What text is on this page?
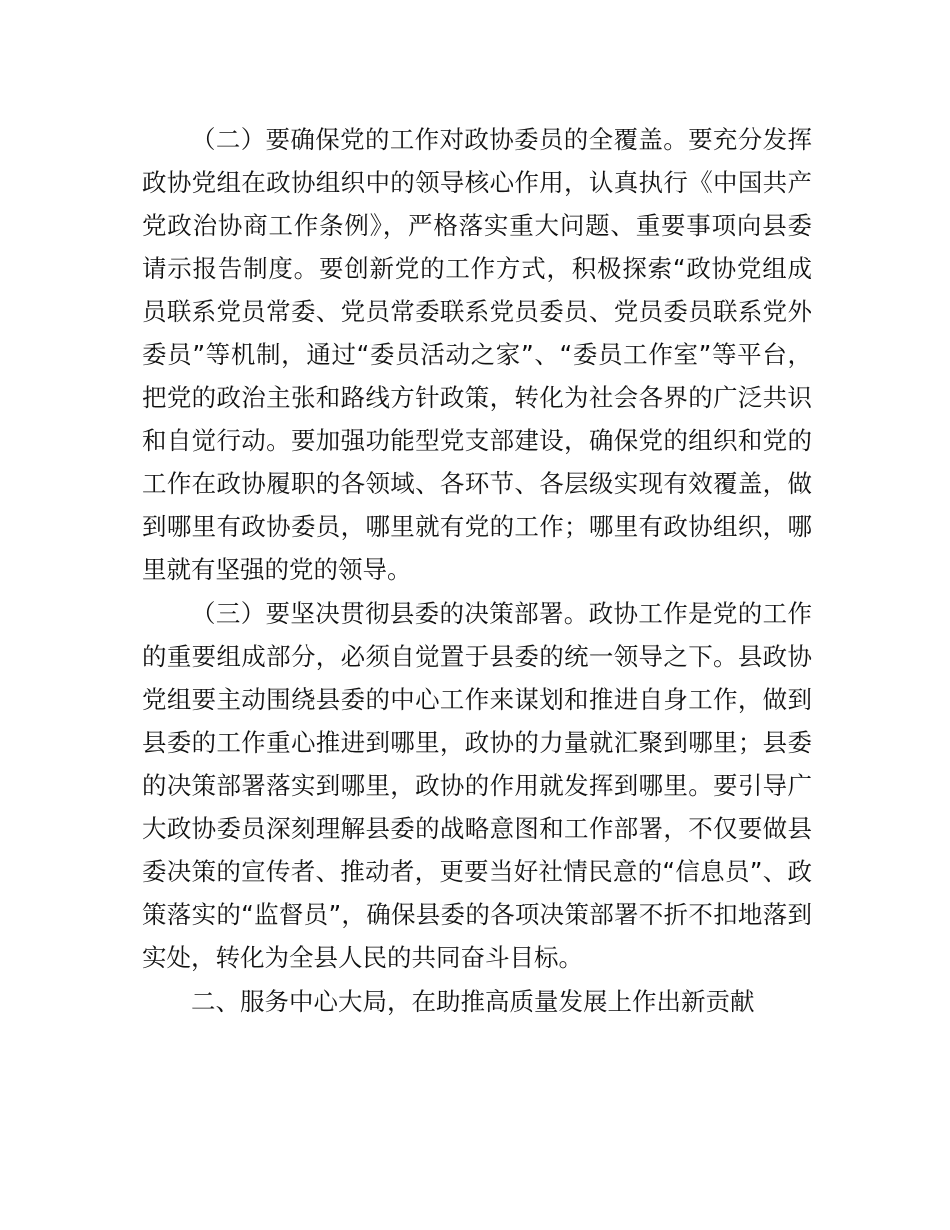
（二）要确保党的工作对政协委员的全覆盖。要充分发挥政协党组在政协组织中的领导核心作用，认真执行《中国共产党政治协商工作条例》，严格落实重大问题、重要事项向县委请示报告制度。要创新党的工作方式，积极探索“政协党组成员联系党员常委、党员常委联系党员委员、党员委员联系党外委员”等机制，通过“委员活动之家”、“委员工作室”等平台，把党的政治主张和路线方针政策，转化为社会各界的广泛共识和自觉行动。要加强功能型党支部建设，确保党的组织和党的工作在政协履职的各领域、各环节、各层级实现有效覆盖，做到哪里有政协委员，哪里就有党的工作；哪里有政协组织，哪里就有坚强的党的领导。

（三）要坚决贯彻县委的决策部署。政协工作是党的工作的重要组成部分，必须自觉置于县委的统一领导之下。县政协党组要主动围绕县委的中心工作来谋划和推进自身工作，做到县委的工作重心推进到哪里，政协的力量就汇聚到哪里；县委的决策部署落实到哪里，政协的作用就发挥到哪里。要引导广大政协委员深刻理解县委的战略意图和工作部署，不仅要做县委决策的宣传者、推动者，更要当好社情民意的“信息员”、政策落实的“监督员”，确保县委的各项决策部署不折不扣地落到实处，转化为全县人民的共同奋斗目标。

二、服务中心大局，在助推高质量发展上作出新贡献
